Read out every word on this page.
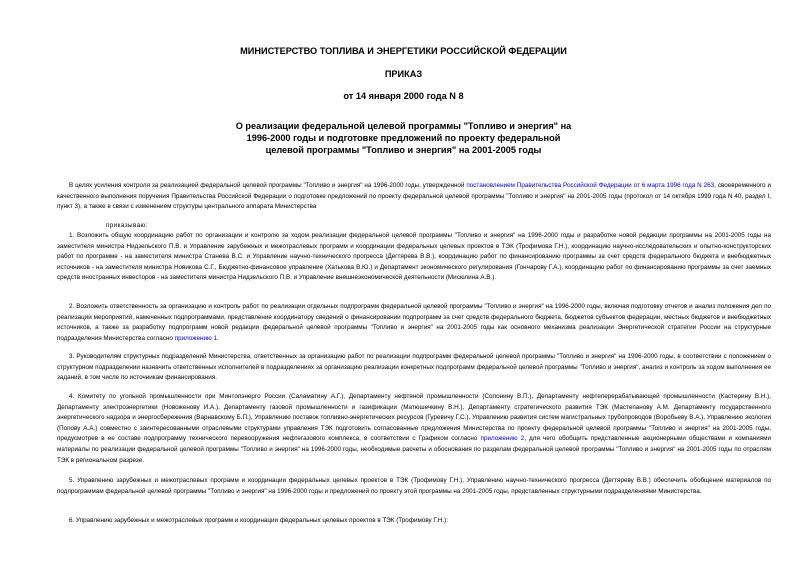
МИНИСТЕРСТВО ТОПЛИВА И ЭНЕРГЕТИКИ РОССИЙСКОЙ ФЕДЕРАЦИИ
ПРИКАЗ
от 14 января 2000 года N 8
О реализации федеральной целевой программы "Топливо и энергия" на
1996-2000 годы и подготовке предложений по проекту федеральной
целевой программы "Топливо и энергия" на 2001-2005 годы
В целях усиления контроля за реализацией федеральной целевой программы "Топливо и энергия" на 1996-2000 годы, утвержденной постановлением Правительства Российской Федерации от 6 марта 1996 года N 263, своевременного и качественного выполнения поручения Правительства Российской Федерации о подготовке предложений по проекту федеральной целевой программы "Топливо и энергия" на 2001-2005 годы (протокол от 14 октября 1999 года N 40, раздел I, пункт 3), а также в связи с изменением структуры центрального аппарата Министерства
приказываю:
1. Возложить общую координацию работ по организации и контролю за ходом реализации федеральной целевой программы "Топливо и энергия" на 1996-2000 годы и разработке новой редакции программы на 2001-2005 годы на заместителя министра Нидзельского П.В. и Управление зарубежных и межотраслевых программ и координации федеральных целевых проектов в ТЭК (Трофимова Г.Н.), координацию научно-исследовательских и опытно-конструкторских работ по программе - на заместителя министра Станева В.С. и Управление научно-технического прогресса (Дегтярева В.В.), координацию работ по финансированию программы за счет средств федерального бюджета и внебюджетных источников - на заместителя министра Новикова С.Г., Бюджетно-финансовое управление (Хатькова В.Ю.) и Департамент экономического регулирования (Гончарову Г.А.), координацию работ по финансированию программы за счет заемных средств иностранных инвесторов - на заместителя министра Нидзельского П.В. и Управление внешнеэкономической деятельности (Мисюлина А.В.).
2. Возложить ответственность за организацию и контроль работ по реализации отдельных подпрограмм федеральной целевой программы "Топливо и энергия" на 1996-2000 годы, включая подготовку отчетов и анализ положения дел по реализации мероприятий, намеченных подпрограммами, представление координатору сведений о финансировании подпрограмм за счет средств федерального бюджета, бюджетов субъектов федерации, местных бюджетов и внебюджетных источников, а также за разработку подпрограмм новой редакции федеральной целевой программы "Топливо и энергия" на 2001-2005 годы как основного механизма реализации Энергетической стратегии России на структурные подразделения Министерства согласно приложению 1.
3. Руководителям структурных подразделений Министерства, ответственных за организацию работ по реализации подпрограмм федеральной целевой программы "Топливо и энергия" на 1996-2000 годы, в соответствии с положением о структурном подразделении назначить ответственных исполнителей в подразделениях за организацию реализации конкретных подпрограмм федеральной целевой программы "Топливо и энергия", анализ и контроль за ходом выполнения ее заданий, в том числе по источникам финансирования.
4. Комитету по угольной промышленности при Минтопэнерго России (Саламатину А.Г.), Департаменту нефтяной промышленности (Солонину В.П.), Департаменту нефтеперерабатывающей промышленности (Кастерину В.Н.), Департаменту электроэнергетики (Новоженову И.А.), Департаменту газовой промышленности и газификации (Матюшечкину В.Н.), Департаменту стратегического развития ТЭК (Мастепанову А.М. Департаменту государственного энергетического надзора и энергосбережения (Варнавскому Б.П.), Управлению поставок топливно-энергетических ресурсов (Гуревичу Г.С.), Управлению развития систем магистральных трубопроводов (Воробьеву В.А.), Управлению экологии (Попову А.А.) совместно с заинтересованными отраслевыми структурами управления ТЭК подготовить согласованные предложения Министерства по проекту федеральной целевой программы "Топливо и энергия" на 2001-2005 годы, предусмотрев в ее составе подпрограмму технического перевооружения нефтегазового комплекса, в соответствии с Графиком согласно приложению 2, для чего обобщить представленные акционерными обществами и компаниями материалы по реализации федеральной целевой программы "Топливо и энергия" на 1996-2000 годы, необходимые расчеты и обоснования по разделам федеральной целевой программы "Топливо и энергия" на 2001-2005 годы по отраслям ТЭК в региональном разрезе.
5. Управлению зарубежных и межотраслевых программ и координации федеральных целевых проектов в ТЭК (Трофимову Г.Н.), Управлению научно-технического прогресса (Дегтяреву В.В.) обеспечить обобщение материалов по подпрограммам федеральной целевой программы "Топливо и энергия" на 1996-2000 годы и предложений по проекту этой программы на 2001-2005 годы, представленных структурными подразделениями Министерства.
6. Управлению зарубежных и межотраслевых программ и координации федеральных целевых проектов в ТЭК (Трофимову Г.Н.):
